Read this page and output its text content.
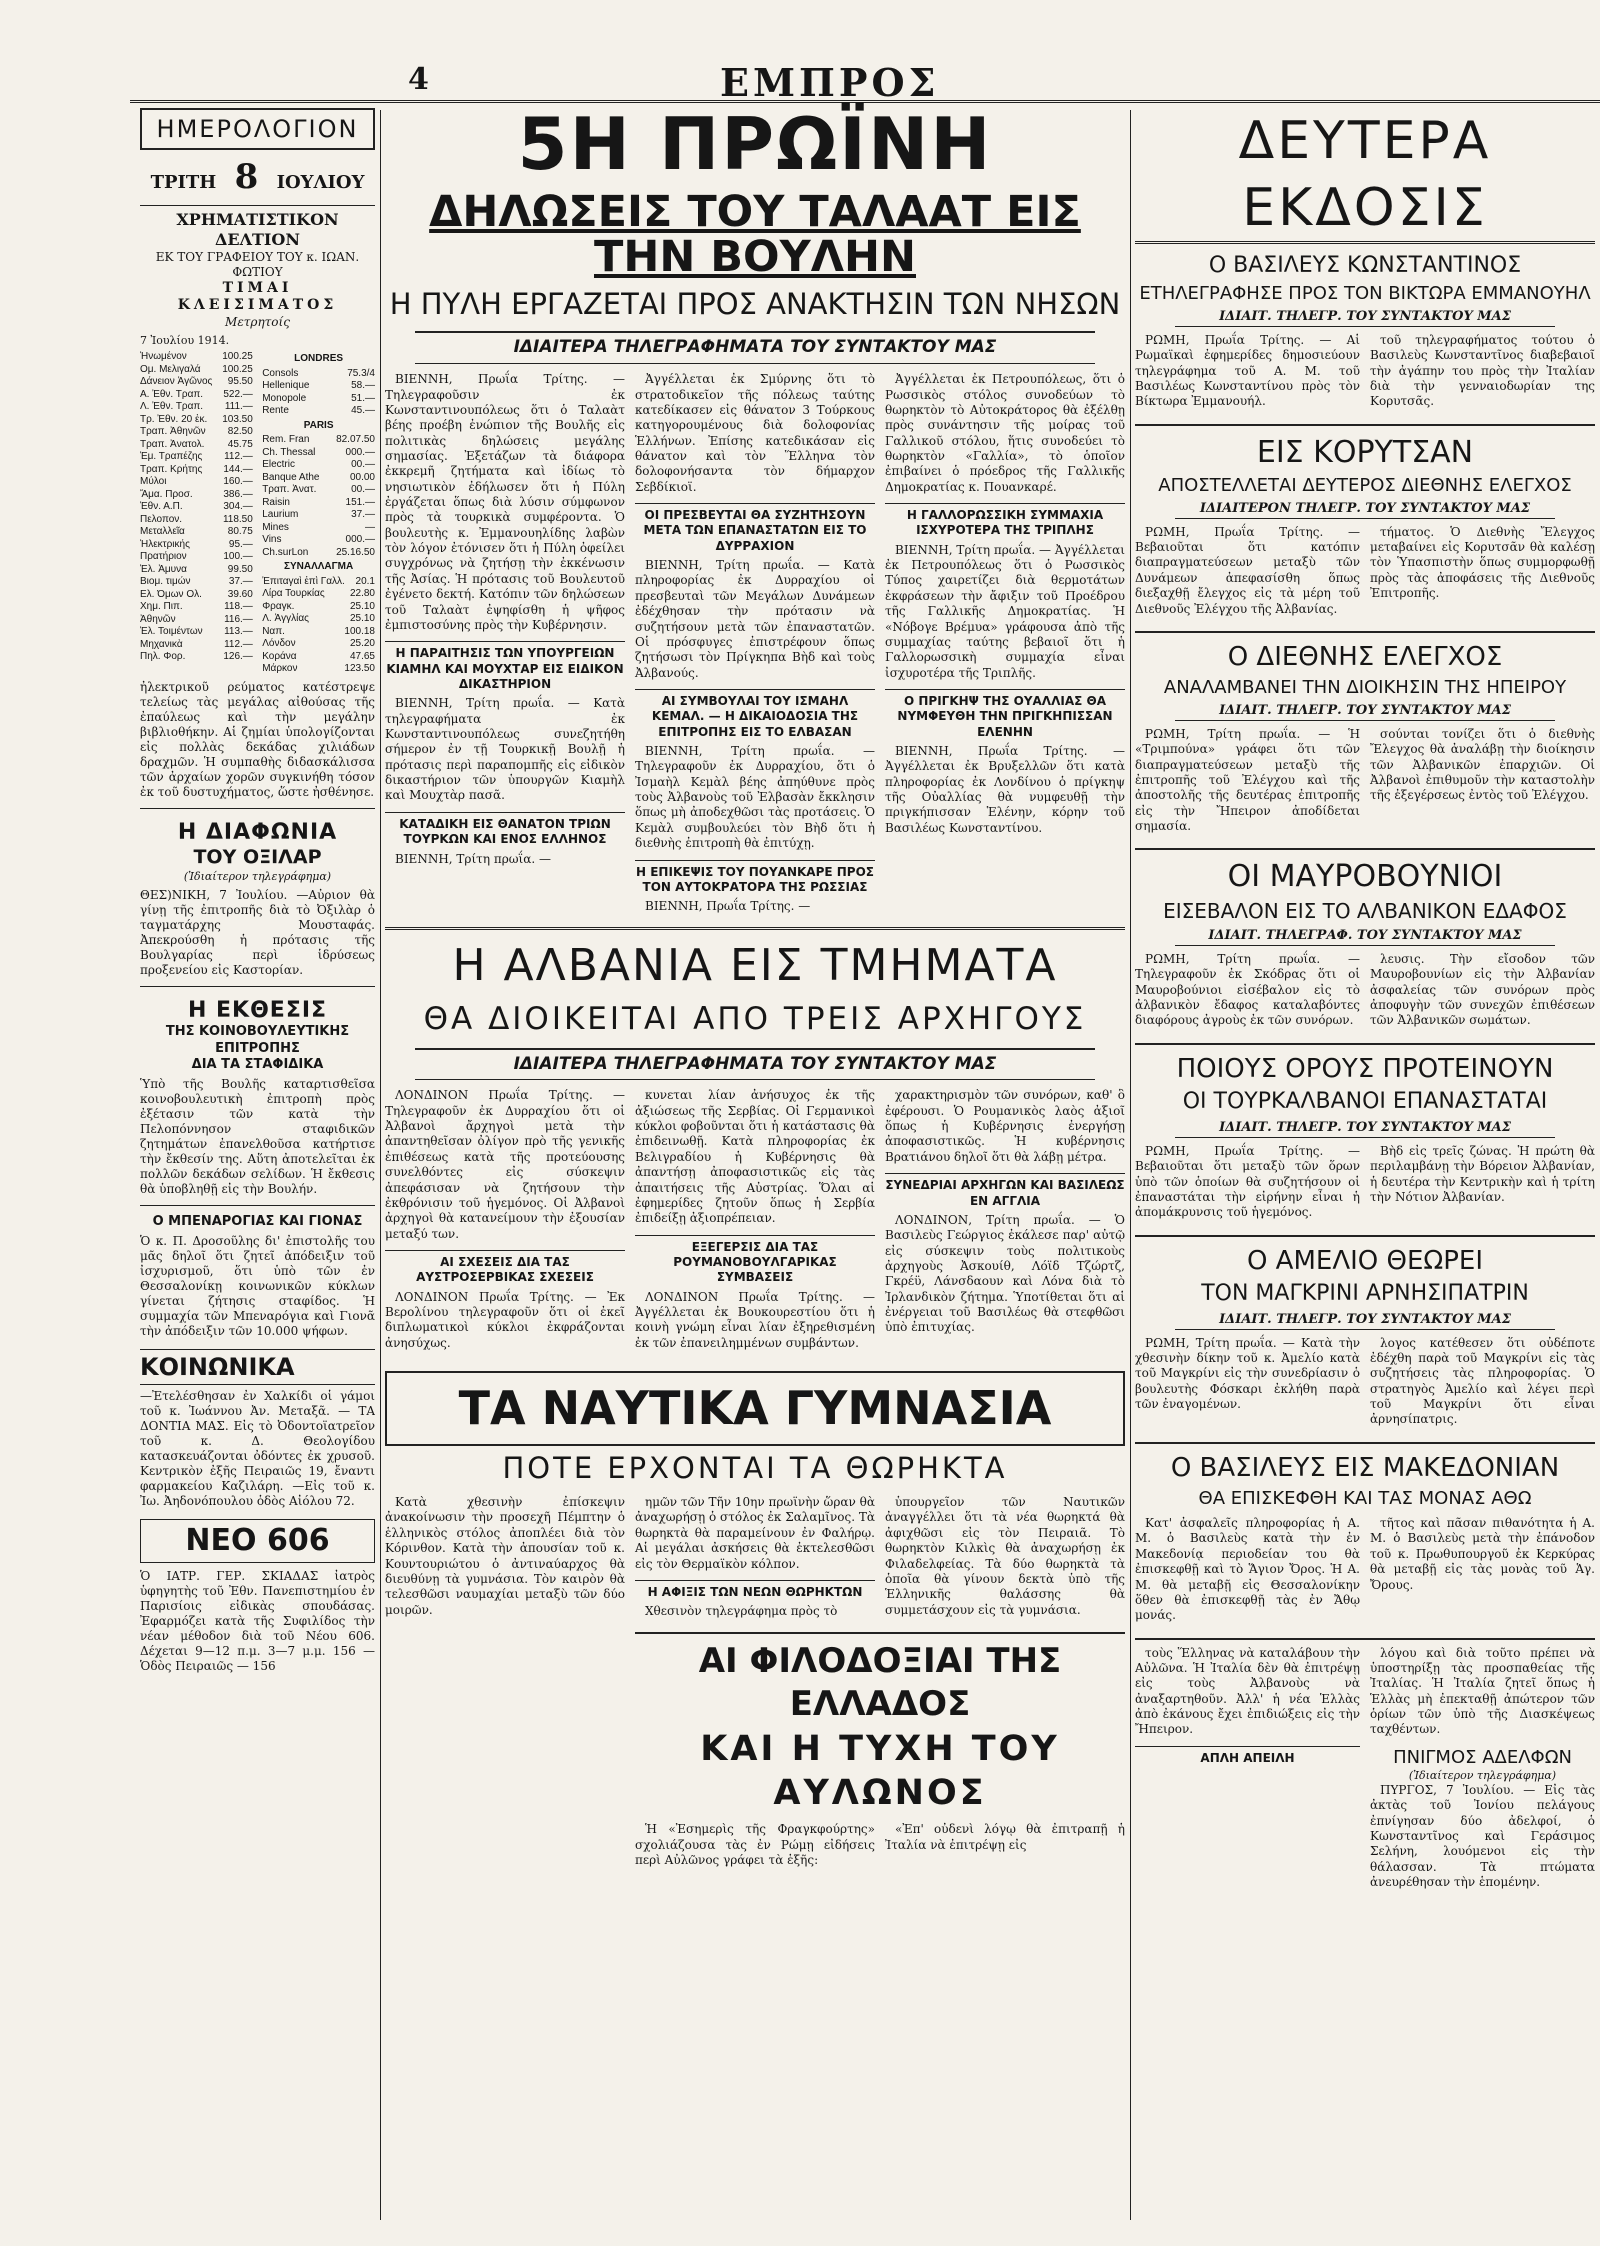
4	ΕΜΠΡΟΣ
ΗΜΕΡΟΛΟΓΙΟΝ
ΤΡΙΤΗ 8 ΙΟΥΛΙΟΥ
ΧΡΗΜΑΤΙΣΤΙΚΟΝ ΔΕΛΤΙΟΝ
ΕΚ ΤΟΥ ΓΡΑΦΕΙΟΥ ΤΟΥ κ. ΙΩΑΝ. ΦΩΤΙΟΥ
ΤΙΜΑΙ ΚΛΕΙΣΙΜΑΤΟΣ
Μετρητοίς
7 Ἰουλίου 1914.
Ἠνωμένον	100.25
Ομ. Μελιγαλά 100.25
Δάνειον Ἀγῶνος 95.50
Α. Ἐθν. Τραπ. 522.—
Λ. Ἐθν. Τραπ. 111.—
Τρ. Ἐθν. 20 ἑκ. 103.50
Τραπ. Ἀθηνῶν 82.50
Τραπ. Ἀνατολ. 45.75
Ἐμ. Τραπέζης 112.—
Τραπ. Κρήτης 144.—
Μύλοι	160.—
Ἄμα. Προσ.	386.—
Ἐθν. Α.Π.	304.—
Πελοπον.	118.50
Μεταλλεῖα	80.75
Ἠλεκτρικής	95.—
Πρατήριον	100.—
Ἐλ. Ἀμυνα	99.50
Βιομ. τιμών	37.—
Ελ. Όμων Ολ.	39.60
Χημ. Πιπ.	118.—
Ἀθηνῶν	116.—
Ἐλ. Τοιμέντων 113.—
Μηχανικὰ	112.—
Πηλ. Φορ.	126.—
LONDRES
Consols	75.3/4
Hellenique	58.—
Monopole	51.—
Rente	45.—
PARIS
Rem. Fran	82.07.50
Ch. Thessal	000.—
Electric	00.—
Banque Athe	00.00
Τραπ. Ἀνατ.	00.—
Raisin	151.—
Laurium	37.—
Mines	—
Vins	000.—
Ch.surLon	25.16.50
ΣΥΝΑΛΛΑΓΜΑ
Ἐπιταγαὶ ἐπὶ Γαλλ. 20.1
Λίρα Τουρκίας	22.80
Φραγκ.	25.10
Λ. Ἀγγλίας	25.10
Ναπ.	100.18
Λόνδον	25.20
Κοράνα	47.65
Μάρκον	123.50
ἠλεκτρικοῦ ρεύματος κατέστρεψε τελείως τὰς μεγάλας αἰθούσας τῆς ἐπαύλεως καὶ τὴν μεγάλην βιβλιοθήκην. Αἱ ζημίαι ὑπολογίζονται εἰς πολλὰς δεκάδας χιλιάδων δραχμῶν. Ἡ συμπαθὴς διδασκάλισσα τῶν ἀρχαίων χορῶν συγκινήθη τόσον ἐκ τοῦ δυστυχήματος, ὥστε ἠσθένησε.
Η ΔΙΑΦΩΝΙΑ
ΤΟΥ ΟΞΙΛΑΡ
(Ἰδιαίτερον τηλεγράφημα)
ΘΕΣ)ΝΙΚΗ, 7 Ἰουλίου. —Αὐριον θὰ γίνῃ τῆς ἐπιτροπῆς διὰ τὸ Ὀξιλὰρ ὁ ταγματάρχης Μουσταφάς. Ἀπεκρούσθη ἡ πρότασις τῆς Βουλγαρίας περὶ ἱδρύσεως προξενείου εἰς Καστορίαν.
Η ΕΚΘΕΣΙΣ
ΤΗΣ ΚΟΙΝΟΒΟΥΛΕΥΤΙΚΗΣ ΕΠΙΤΡΟΠΗΣ
ΔΙΑ ΤΑ ΣΤΑΦΙΔΙΚΑ
Ὑπὸ τῆς Βουλῆς καταρτισθεῖσα κοινοβουλευτικὴ ἐπιτροπὴ πρὸς ἐξέτασιν τῶν κατὰ τὴν Πελοπόννησον σταφιδικῶν ζητημάτων ἐπανελθοῦσα κατήρτισε τὴν ἔκθεσίν της. Αὕτη ἀποτελεῖται ἐκ πολλῶν δεκάδων σελίδων. Ἡ ἔκθεσις θὰ ὑποβληθῇ εἰς τὴν Βουλήν.
Ο ΜΠΕΝΑΡΟΓΙΑΣ ΚΑΙ ΓΙΟΝΑΣ
Ὁ κ. Π. Δροσοῦλης δι' ἐπιστολῆς του μᾶς δηλοῖ ὅτι ζητεῖ ἀπόδειξιν τοῦ ἰσχυρισμοῦ, ὅτι ὑπὸ τῶν ἐν Θεσσαλονίκῃ κοινωνικῶν κύκλων γίνεται ζήτησις σταφίδος. Ἡ συμμαχία τῶν Μπεναρόγια καὶ Γιονᾶ τὴν ἀπόδειξιν τῶν 10.000 ψήφων.
ΚΟΙΝΩΝΙΚΑ
—Ἐτελέσθησαν ἐν Χαλκίδι οἱ γάμοι τοῦ κ. Ἰωάννου Ἀν. Μεταξᾶ. — ΤΑ ΔΟΝΤΙΑ ΜΑΣ. Εἰς τὸ Ὀδοντοϊατρεῖον τοῦ κ. Δ. Θεολογίδου κατασκευάζονται ὀδόντες ἐκ χρυσοῦ. Κεντρικὸν ἐξῆς Πειραιῶς 19, ἔναντι φαρμακείου Καζιλάρη. —Εἰς τοῦ κ. Ἰω. Ἀηδονόπουλου ὁδὸς Αἰόλου 72.
ΝΕΟ 606
Ὁ ΙΑΤΡ. ΓΕΡ. ΣΚΙΑΔΑΣ ἰατρὸς ὑφηγητὴς τοῦ Ἐθν. Πανεπιστημίου ἐν Παρισίοις εἰδικὰς σπουδάσας. Ἐφαρμόζει κατὰ τῆς Συφιλίδος τὴν νέαν μέθοδον διὰ τοῦ Νέου 606. Δέχεται 9—12 π.μ. 3—7 μ.μ. 156 — Ὁδὸς Πειραιῶς — 156
5Η ΠΡΩΪΝΗ
ΔΗΛΩΣΕΙΣ ΤΟΥ ΤΑΛΑΑΤ ΕΙΣ ΤΗΝ ΒΟΥΛΗΝ
Η ΠΥΛΗ ΕΡΓΑΖΕΤΑΙ ΠΡΟΣ ΑΝΑΚΤΗΣΙΝ ΤΩΝ ΝΗΣΩΝ
ΙΔΙΑΙΤΕΡΑ ΤΗΛΕΓΡΑΦΗΜΑΤΑ ΤΟΥ ΣΥΝΤΑΚΤΟΥ ΜΑΣ

ΒΙΕΝΝΗ, Πρωΐα Τρίτης. — Τηλεγραφοῦσιν ἐκ Κωνσταντινουπόλεως ὅτι ὁ Ταλαὰτ βέης προέβη ἐνώπιον τῆς Βουλῆς εἰς πολιτικὰς δηλώσεις μεγάλης σημασίας. Ἐξετάζων τὰ διάφορα ἐκκρεμῆ ζητήματα καὶ ἰδίως τὸ νησιωτικὸν ἐδήλωσεν ὅτι ἡ Πύλη ἐργάζεται ὅπως διὰ λύσιν σύμφωνον πρὸς τὰ τουρκικὰ συμφέροντα. Ὁ βουλευτὴς κ. Ἐμμανουηλίδης λαβὼν τὸν λόγον ἐτόνισεν ὅτι ἡ Πύλη ὀφείλει συγχρόνως νὰ ζητήσῃ τὴν ἐκκένωσιν τῆς Ἀσίας. Ἡ πρότασις τοῦ Βουλευτοῦ ἐγένετο δεκτή. Κατόπιν τῶν δηλώσεων τοῦ Ταλαὰτ ἐψηφίσθη ἡ ψῆφος ἐμπιστοσύνης πρὸς τὴν Κυβέρνησιν.

Η ΠΑΡΑΙΤΗΣΙΣ ΤΩΝ ΥΠΟΥΡΓΕΙΩΝ ΚΙΑΜΗΛ ΚΑΙ ΜΟΥΧΤΑΡ ΕΙΣ ΕΙΔΙΚΟΝ ΔΙΚΑΣΤΗΡΙΟΝ

ΒΙΕΝΝΗ, Τρίτη πρωΐα. — Κατὰ τηλεγραφήματα ἐκ Κωνσταντινουπόλεως συνεζητήθη σήμερον ἐν τῇ Τουρκικῇ Βουλῇ ἡ πρότασις περὶ παραπομπῆς εἰς εἰδικὸν δικαστήριον τῶν ὑπουργῶν Κιαμὴλ καὶ Μουχτὰρ πασᾶ.

ΚΑΤΑΔΙΚΗ ΕΙΣ ΘΑΝΑΤΟΝ ΤΡΙΩΝ ΤΟΥΡΚΩΝ ΚΑΙ ΕΝΟΣ ΕΛΛΗΝΟΣ

ΒΙΕΝΝΗ, Τρίτη πρωΐα. —

Ἀγγέλλεται ἐκ Σμύρνης ὅτι τὸ στρατοδικεῖον τῆς πόλεως ταύτης κατεδίκασεν εἰς θάνατον 3 Τούρκους κατηγορουμένους διὰ δολοφονίας Ἑλλήνων. Ἐπίσης κατεδικάσαν εἰς θάνατον καὶ τὸν Ἕλληνα τὸν δολοφονήσαντα τὸν δήμαρχον Σεβδίκιοϊ.

ΟΙ ΠΡΕΣΒΕΥΤΑΙ ΘΑ ΣΥΖΗΤΗΣΟΥΝ ΜΕΤΑ ΤΩΝ ΕΠΑΝΑΣΤΑΤΩΝ ΕΙΣ ΤΟ ΔΥΡΡΑΧΙΟΝ

ΒΙΕΝΝΗ, Τρίτη πρωΐα. — Κατὰ πληροφορίας ἐκ Δυρραχίου οἱ πρεσβευταὶ τῶν Μεγάλων Δυνάμεων ἐδέχθησαν τὴν πρότασιν νὰ συζητήσουν μετὰ τῶν ἐπαναστατῶν. Οἱ πρόσφυγες ἐπιστρέφουν ὅπως ζητήσωσι τὸν Πρίγκηπα Βὴδ καὶ τοὺς Ἀλβανούς.

ΑΙ ΣΥΜΒΟΥΛΑΙ ΤΟΥ ΙΣΜΑΗΛ ΚΕΜΑΛ. — Η ΔΙΚΑΙΟΔΟΣΙΑ ΤΗΣ ΕΠΙΤΡΟΠΗΣ ΕΙΣ ΤΟ ΕΛΒΑΣΑΝ

ΒΙΕΝΝΗ, Τρίτη πρωΐα. — Τηλεγραφοῦν ἐκ Δυρραχίου, ὅτι ὁ Ἰσμαὴλ Κεμὰλ βέης ἀπηύθυνε πρὸς τοὺς Ἀλβανοὺς τοῦ Ἐλβασὰν ἔκκλησιν ὅπως μὴ ἀποδεχθῶσι τὰς προτάσεις. Ὁ Κεμὰλ συμβουλεύει τὸν Βὴδ ὅτι ἡ διεθνὴς ἐπιτροπὴ θὰ ἐπιτύχῃ.

Η ΕΠΙΚΕΨΙΣ ΤΟΥ ΠΟΥΑΝΚΑΡΕ ΠΡΟΣ ΤΟΝ ΑΥΤΟΚΡΑΤΟΡΑ ΤΗΣ ΡΩΣΣΙΑΣ

ΒΙΕΝΝΗ, Πρωΐα Τρίτης. —

Ἀγγέλλεται ἐκ Πετρουπόλεως, ὅτι ὁ Ρωσσικὸς στόλος συνοδεύων τὸ θωρηκτὸν τὸ Αὐτοκράτορος θὰ ἐξέλθῃ πρὸς συνάντησιν τῆς μοίρας τοῦ Γαλλικοῦ στόλου, ἥτις συνοδεύει τὸ θωρηκτὸν «Γαλλία», τὸ ὁποῖον ἐπιβαίνει ὁ πρόεδρος τῆς Γαλλικῆς Δημοκρατίας κ. Πουανκαρέ.

Η ΓΑΛΛΟΡΩΣΣΙΚΗ ΣΥΜΜΑΧΙΑ ΙΣΧΥΡΟΤΕΡΑ ΤΗΣ ΤΡΙΠΛΗΣ

ΒΙΕΝΝΗ, Τρίτη πρωΐα. — Ἀγγέλλεται ἐκ Πετρουπόλεως ὅτι ὁ Ρωσσικὸς Τύπος χαιρετίζει διὰ θερμοτάτων ἐκφράσεων τὴν ἄφιξιν τοῦ Προέδρου τῆς Γαλλικῆς Δημοκρατίας. Ἡ «Νόβογε Βρέμυα» γράφουσα ἀπὸ τῆς συμμαχίας ταύτης βεβαιοῖ ὅτι ἡ Γαλλορωσσικὴ συμμαχία εἶναι ἰσχυροτέρα τῆς Τριπλῆς.

Ο ΠΡΙΓΚΗΨ ΤΗΣ ΟΥΑΛΛΙΑΣ ΘΑ ΝΥΜΦΕΥΘΗ ΤΗΝ ΠΡΙΓΚΗΠΙΣΣΑΝ ΕΛΕΝΗΝ

ΒΙΕΝΝΗ, Πρωΐα Τρίτης. — Ἀγγέλλεται ἐκ Βρυξελλῶν ὅτι κατὰ πληροφορίας ἐκ Λονδίνου ὁ πρίγκηψ τῆς Οὐαλλίας θὰ νυμφευθῇ τὴν πριγκήπισσαν Ἑλένην, κόρην τοῦ Βασιλέως Κωνσταντίνου.

Η ΑΛΒΑΝΙΑ ΕΙΣ ΤΜΗΜΑΤΑ
ΘΑ ΔΙΟΙΚΕΙΤΑΙ ΑΠΟ ΤΡΕΙΣ ΑΡΧΗΓΟΥΣ
ΙΔΙΑΙΤΕΡΑ ΤΗΛΕΓΡΑΦΗΜΑΤΑ ΤΟΥ ΣΥΝΤΑΚΤΟΥ ΜΑΣ

ΛΟΝΔΙΝΟΝ Πρωΐα Τρίτης. — Τηλεγραφοῦν ἐκ Δυρραχίου ὅτι οἱ Ἀλβανοὶ ἄρχηγοὶ μετὰ τὴν ἀπαντηθεῖσαν ὀλίγον πρὸ τῆς γενικῆς ἐπιθέσεως κατὰ τῆς προτεύουσης συνελθόντες εἰς σύσκεψιν ἀπεφάσισαν νὰ ζητήσουν τὴν ἐκθρόνισιν τοῦ ἡγεμόνος. Οἱ Ἀλβανοὶ ἀρχηγοὶ θὰ κατανείμουν τὴν ἐξουσίαν μεταξύ των.

ΑΙ ΣΧΕΣΕΙΣ ΔΙΑ ΤΑΣ ΑΥΣΤΡΟΣΕΡΒΙΚΑΣ ΣΧΕΣΕΙΣ

ΛΟΝΔΙΝΟΝ Πρωΐα Τρίτης. — Ἐκ Βερολίνου τηλεγραφοῦν ὅτι οἱ ἐκεῖ διπλωματικοὶ κύκλοι ἐκφράζονται ἀνησύχως.

κυνεται λίαν ἀνήσυχος ἐκ τῆς ἀξιώσεως τῆς Σερβίας. Οἱ Γερμανικοὶ κύκλοι φοβοῦνται ὅτι ἡ κατάστασις θὰ ἐπιδεινωθῇ. Κατὰ πληροφορίας ἐκ Βελιγραδίου ἡ Κυβέρνησις θὰ ἀπαντήσῃ ἀποφασιστικῶς εἰς τὰς ἀπαιτήσεις τῆς Αὐστρίας. Ὅλαι αἱ ἐφημερίδες ζητοῦν ὅπως ἡ Σερβία ἐπιδείξῃ ἀξιοπρέπειαν.

ΕΞΕΓΕΡΣΙΣ ΔΙΑ ΤΑΣ ΡΟΥΜΑΝΟΒΟΥΛΓΑΡΙΚΑΣ ΣΥΜΒΑΣΕΙΣ

ΛΟΝΔΙΝΟΝ Πρωΐα Τρίτης. — Ἀγγέλλεται ἐκ Βουκουρεστίου ὅτι ἡ κοινὴ γνώμη εἶναι λίαν ἐξηρεθισμένη ἐκ τῶν ἐπανειλημμένων συμβάντων.

χαρακτηρισμὸν τῶν συνόρων, καθ' ὃ ἐφέρουσι. Ὁ Ρουμανικὸς λαὸς ἀξιοῖ ὅπως ἡ Κυβέρνησις ἐνεργήσῃ ἀποφασιστικῶς. Ἡ κυβέρνησις Βρατιάνου δηλοῖ ὅτι θὰ λάβῃ μέτρα.

ΣΥΝΕΔΡΙΑΙ ΑΡΧΗΓΩΝ ΚΑΙ ΒΑΣΙΛΕΩΣ ΕΝ ΑΓΓΛΙΑ

ΛΟΝΔΙΝΟΝ, Τρίτη πρωΐα. — Ὁ Βασιλεὺς Γεώργιος ἐκάλεσε παρ' αὐτῷ εἰς σύσκεψιν τοὺς πολιτικοὺς ἀρχηγοὺς Ἀσκουίθ, Λόϊδ Τζώρτζ, Γκρέϋ, Λάνσδαουν καὶ Λόνα διὰ τὸ Ἰρλανδικὸν ζήτημα. Ὑποτίθεται ὅτι αἱ ἐνέργειαι τοῦ Βασιλέως θὰ στεφθῶσι ὑπὸ ἐπιτυχίας.

ΤΑ ΝΑΥΤΙΚΑ ΓΥΜΝΑΣΙΑ
ΠΟΤΕ ΕΡΧΟΝΤΑΙ ΤΑ ΘΩΡΗΚΤΑ

Κατὰ χθεσινὴν ἐπίσκεψιν ἀνακοίνωσιν τὴν προσεχῆ Πέμπτην ὁ ἑλληνικὸς στόλος ἀποπλέει διὰ τὸν Κόρινθον. Κατὰ τὴν ἀπουσίαν τοῦ κ. Κουντουριώτου ὁ ἀντιναύαρχος θὰ διευθύνῃ τὰ γυμνάσια. Τὸν καιρὸν θὰ τελεσθῶσι ναυμαχίαι μεταξὺ τῶν δύο μοιρῶν.

ημῶν τῶν Τῆν 10ην πρωϊνὴν ὥραν θὰ ἀναχωρήσῃ ὁ στόλος ἐκ Σαλαμῖνος. Τὰ θωρηκτὰ θὰ παραμείνουν ἐν Φαλήρῳ. Αἱ μεγάλαι ἀσκήσεις θὰ ἐκτελεσθῶσι εἰς τὸν Θερμαϊκὸν κόλπον.

Η ΑΦΙΞΙΣ ΤΩΝ ΝΕΩΝ ΘΩΡΗΚΤΩΝ

Χθεσινὸν τηλεγράφημα πρὸς τὸ

ὑπουργεῖον τῶν Ναυτικῶν ἀναγγέλλει ὅτι τὰ νέα θωρηκτά θὰ ἀφιχθῶσι εἰς τὸν Πειραιᾶ. Τὸ θωρηκτὸν Κιλκὶς θὰ ἀναχωρήσῃ ἐκ Φιλαδελφείας. Τὰ δύο θωρηκτὰ τὰ ὁποῖα θὰ γίνουν δεκτὰ ὑπὸ τῆς Ἑλληνικῆς θαλάσσης θὰ συμμετάσχουν εἰς τὰ γυμνάσια.

ΑΙ ΦΙΛΟΔΟΞΙΑΙ ΤΗΣ ΕΛΛΑΔΟΣ
ΚΑΙ Η ΤΥΧΗ ΤΟΥ ΑΥΛΩΝΟΣ

Ἡ «Ἐσημερὶς τῆς Φραγκφούρτης» σχολιάζουσα τὰς ἐν Ρώμῃ εἰδήσεις περὶ Αὐλῶνος γράφει τὰ ἑξῆς:

«Ἐπ' οὐδενὶ λόγῳ θὰ ἐπιτραπῇ ἡ Ἰταλία νὰ ἐπιτρέψῃ εἰς

ΔΕΥΤΕΡΑ ΕΚΔΟΣΙΣ
Ο ΒΑΣΙΛΕΥΣ ΚΩΝΣΤΑΝΤΙΝΟΣ
ΕΤΗΛΕΓΡΑΦΗΣΕ ΠΡΟΣ ΤΟΝ ΒΙΚΤΩΡΑ ΕΜΜΑΝΟΥΗΛ
ΙΔΙΑΙΤ. ΤΗΛΕΓΡ. ΤΟΥ ΣΥΝΤΑΚΤΟΥ ΜΑΣ

ΡΩΜΗ, Πρωΐα Τρίτης. — Αἱ Ρωμαϊκαὶ ἐφημερίδες δημοσιεύουν τηλεγράφημα τοῦ Α. Μ. τοῦ Βασιλέως Κωνσταντίνου πρὸς τὸν Βίκτωρα Ἐμμανουήλ.

τοῦ τηλεγραφήματος τούτου ὁ Βασιλεὺς Κωνσταντῖνος διαβεβαιοῖ τὴν ἀγάπην του πρὸς τὴν Ἰταλίαν διὰ τὴν γενναιοδωρίαν της Κορυτσᾶς.

ΕΙΣ ΚΟΡΥΤΣΑΝ
ΑΠΟΣΤΕΛΛΕΤΑΙ ΔΕΥΤΕΡΟΣ ΔΙΕΘΝΗΣ ΕΛΕΓΧΟΣ
ΙΔΙΑΙΤΕΡΟΝ ΤΗΛΕΓΡ. ΤΟΥ ΣΥΝΤΑΚΤΟΥ ΜΑΣ

ΡΩΜΗ, Πρωΐα Τρίτης. — Βεβαιοῦται ὅτι κατόπιν διαπραγματεύσεων μεταξὺ τῶν Δυνάμεων ἀπεφασίσθη ὅπως διεξαχθῇ ἔλεγχος εἰς τὰ μέρη τοῦ Διεθνοῦς Ἐλέγχου τῆς Ἀλβανίας.

τήματος. Ὁ Διεθνὴς Ἔλεγχος μεταβαίνει εἰς Κορυτσᾶν θὰ καλέσῃ τὸν Ὑπασπιστὴν ὅπως συμμορφωθῇ πρὸς τὰς ἀποφάσεις τῆς Διεθνοῦς Ἐπιτροπῆς.

Ο ΔΙΕΘΝΗΣ ΕΛΕΓΧΟΣ
ΑΝΑΛΑΜΒΑΝΕΙ ΤΗΝ ΔΙΟΙΚΗΣΙΝ ΤΗΣ ΗΠΕΙΡΟΥ
ΙΔΙΑΙΤ. ΤΗΛΕΓΡ. ΤΟΥ ΣΥΝΤΑΚΤΟΥ ΜΑΣ

ΡΩΜΗ, Τρίτη πρωΐα. — Ἡ «Τριμπούνα» γράφει ὅτι τῶν διαπραγματεύσεων μεταξὺ τῆς ἐπιτροπῆς τοῦ Ἐλέγχου καὶ τῆς ἀποστολῆς τῆς δευτέρας ἐπιτροπῆς εἰς τὴν Ἤπειρον ἀποδίδεται σημασία.

σούνται τονίζει ὅτι ὁ διεθνὴς Ἔλεγχος θὰ ἀναλάβῃ τὴν διοίκησιν τῶν Ἀλβανικῶν ἐπαρχιῶν. Οἱ Ἀλβανοὶ ἐπιθυμοῦν τὴν καταστολὴν τῆς ἐξεγέρσεως ἐντὸς τοῦ Ἐλέγχου.

ΟΙ ΜΑΥΡΟΒΟΥΝΙΟΙ
ΕΙΣΕΒΑΛΟΝ ΕΙΣ ΤΟ ΑΛΒΑΝΙΚΟΝ ΕΔΑΦΟΣ
ΙΔΙΑΙΤ. ΤΗΛΕΓΡΑΦ. ΤΟΥ ΣΥΝΤΑΚΤΟΥ ΜΑΣ

ΡΩΜΗ, Τρίτη πρωΐα. — Τηλεγραφοῦν ἐκ Σκόδρας ὅτι οἱ Μαυροβούνιοι εἰσέβαλον εἰς τὸ ἀλβανικὸν ἔδαφος καταλαβόντες διαφόρους ἀγροὺς ἐκ τῶν συνόρων.

λευσις. Τὴν εἴσοδον τῶν Μαυροβουνίων εἰς τὴν Ἀλβανίαν ἀσφαλείας τῶν συνόρων πρὸς ἀποφυγὴν τῶν συνεχῶν ἐπιθέσεων τῶν Ἀλβανικῶν σωμάτων.

ΠΟΙΟΥΣ ΟΡΟΥΣ ΠΡΟΤΕΙΝΟΥΝ
ΟΙ ΤΟΥΡΚΑΛΒΑΝΟΙ ΕΠΑΝΑΣΤΑΤΑΙ
ΙΔΙΑΙΤ. ΤΗΛΕΓΡ. ΤΟΥ ΣΥΝΤΑΚΤΟΥ ΜΑΣ

ΡΩΜΗ, Πρωΐα Τρίτης. — Βεβαιοῦται ὅτι μεταξὺ τῶν ὅρων ὑπὸ τῶν ὁποίων θὰ συζητήσουν οἱ ἐπαναστάται τὴν εἰρήνην εἶναι ἡ ἀπομάκρυνσις τοῦ ἡγεμόνος.

Βὴδ εἰς τρεῖς ζώνας. Ἡ πρώτη θὰ περιλαμβάνῃ τὴν Βόρειον Ἀλβανίαν, ἡ δευτέρα τὴν Κεντρικὴν καὶ ἡ τρίτη τὴν Νότιον Ἀλβανίαν.

Ο ΑΜΕΛΙΟ ΘΕΩΡΕΙ
ΤΟΝ ΜΑΓΚΡΙΝΙ ΑΡΝΗΣΙΠΑΤΡΙΝ
ΙΔΙΑΙΤ. ΤΗΛΕΓΡ. ΤΟΥ ΣΥΝΤΑΚΤΟΥ ΜΑΣ

ΡΩΜΗ, Τρίτη πρωΐα. — Κατὰ τὴν χθεσινὴν δίκην τοῦ κ. Ἀμελίο κατὰ τοῦ Μαγκρίνι εἰς τὴν συνεδρίασιν ὁ βουλευτὴς Φόσκαρι ἐκλήθη παρὰ τῶν ἐναγομένων.

λογος κατέθεσεν ὅτι οὐδέποτε ἐδέχθη παρὰ τοῦ Μαγκρίνι εἰς τὰς συζητήσεις τὰς πληροφορίας. Ὁ στρατηγὸς Ἀμελίο καὶ λέγει περὶ τοῦ Μαγκρίνι ὅτι εἶναι ἀρνησίπατρις.

Ο ΒΑΣΙΛΕΥΣ ΕΙΣ ΜΑΚΕΔΟΝΙΑΝ
ΘΑ ΕΠΙΣΚΕΦΘΗ ΚΑΙ ΤΑΣ ΜΟΝΑΣ ΑΘΩ

Κατ' ἀσφαλεῖς πληροφορίας ἡ Α. Μ. ὁ Βασιλεὺς κατὰ τὴν ἐν Μακεδονίᾳ περιοδείαν του θὰ ἐπισκεφθῇ καὶ τὸ Ἅγιον Ὄρος. Ἡ Α. Μ. θὰ μεταβῇ εἰς Θεσσαλονίκην ὅθεν θὰ ἐπισκεφθῇ τὰς ἐν Ἄθῳ μονάς.

τῆτος καὶ πᾶσαν πιθανότητα ἡ Α. Μ. ὁ Βασιλεὺς μετὰ τὴν ἐπάνοδον τοῦ κ. Πρωθυπουργοῦ ἐκ Κερκύρας θὰ μεταβῇ εἰς τὰς μονὰς τοῦ Ἁγ. Ὄρους.

τοὺς Ἕλληνας νὰ καταλάβουν τὴν Αὐλῶνα. Ἡ Ἰταλία δὲν θὰ ἐπιτρέψῃ εἰς τοὺς Ἀλβανοὺς νὰ ἀναξαρτηθοῦν. Ἀλλ' ἡ νέα Ἑλλὰς ἀπὸ ἐκάνους ἔχει ἐπιδιώξεις εἰς τὴν Ἤπειρον.

ΑΠΛΗ ΑΠΕΙΛΗ

λόγου καὶ διὰ τοῦτο πρέπει νὰ ὑποστηρίξῃ τὰς προσπαθείας τῆς Ἰταλίας. Ἡ Ἰταλία ζητεῖ ὅπως ἡ Ἑλλὰς μὴ ἐπεκταθῇ ἀπώτερον τῶν ὁρίων τῶν ὑπὸ τῆς Διασκέψεως ταχθέντων.

ΠΝΙΓΜΟΣ ΑΔΕΛΦΩΝ
(Ἰδιαίτερον τηλεγράφημα)

ΠΥΡΓΟΣ, 7 Ἰουλίου. — Εἰς τὰς ἀκτὰς τοῦ Ἰονίου πελάγους ἐπνίγησαν δύο ἀδελφοί, ὁ Κωνσταντῖνος καὶ Γεράσιμος Σελήνη, λουόμενοι εἰς τὴν θάλασσαν. Τὰ πτώματα ἀνευρέθησαν τὴν ἑπομένην.
